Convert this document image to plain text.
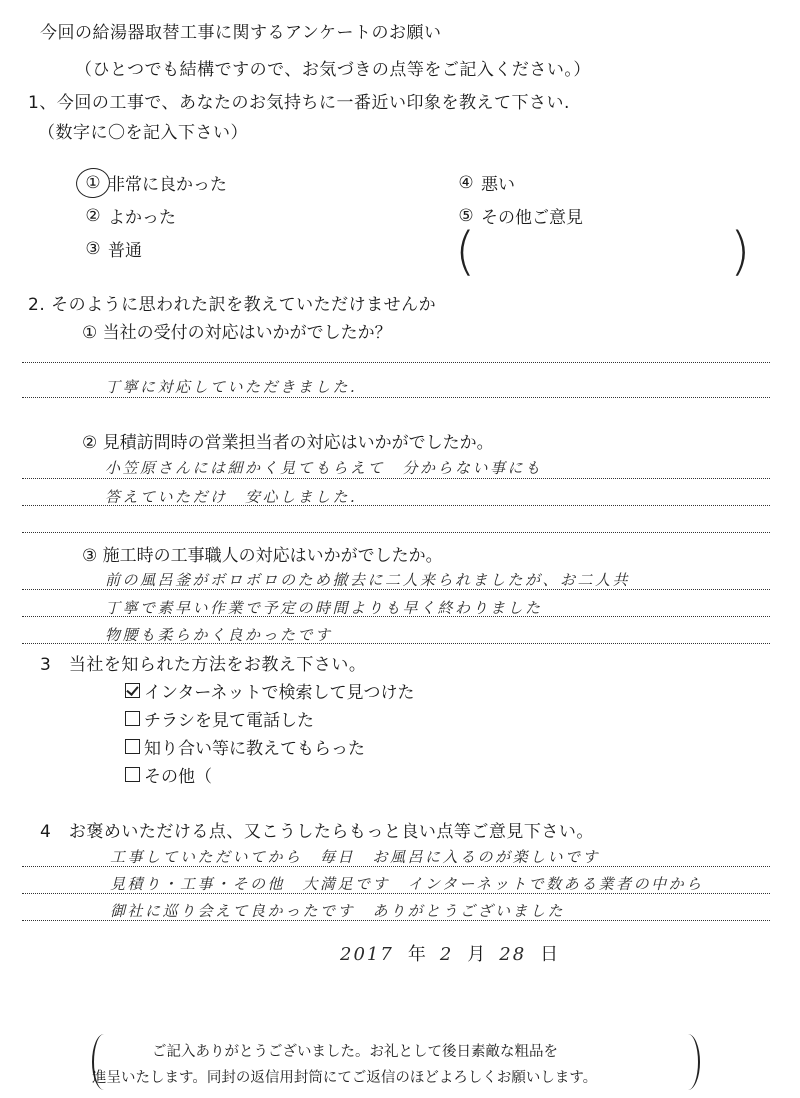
今回の給湯器取替工事に関するアンケートのお願い
（ひとつでも結構ですので、お気づきの点等をご記入ください。）
1、今回の工事で、あなたのお気持ちに一番近い印象を教えて下さい.
（数字に〇を記入下さい）
① 非常に良かった
② よかった
③ 普通
④ 悪い
⑤ その他ご意見
(	)
2. そのように思われた訳を教えていただけませんか
① 当社の受付の対応はいかがでしたか？
丁寧に対応していただきました.
② 見積訪問時の営業担当者の対応はいかがでしたか。
小笠原さんには細かく見てもらえて　分からない事にも
答えていただけ　安心しました.
③ 施工時の工事職人の対応はいかがでしたか。
前の風呂釜がボロボロのため撤去に二人来られましたが、お二人共
丁寧で素早い作業で予定の時間よりも早く終わりました
物腰も柔らかく良かったです
3　当社を知られた方法をお教え下さい。
インターネットで検索して見つけた
チラシを見て電話した
知り合い等に教えてもらった
その他（
4　お褒めいただける点、又こうしたらもっと良い点等ご意見下さい。
工事していただいてから　毎日　お風呂に入るのが楽しいです
見積り・工事・その他　大満足です　インターネットで数ある業者の中から
御社に巡り会えて良かったです　ありがとうございました
2017 年 2 月 28 日
ご記入ありがとうございました。お礼として後日素敵な粗品を
進呈いたします。同封の返信用封筒にてご返信のほどよろしくお願いします。
